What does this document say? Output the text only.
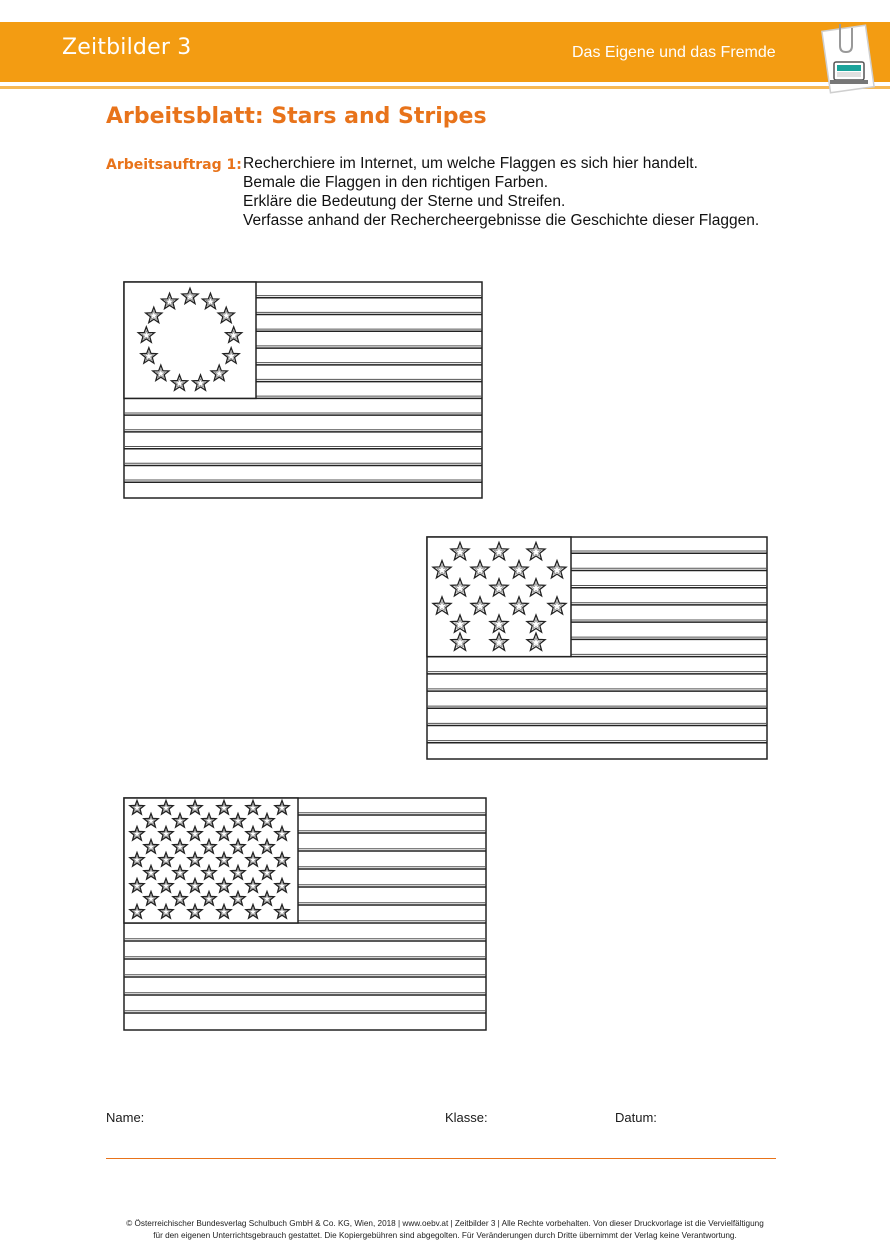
Zeitbilder 3	Das Eigene und das Fremde
Arbeitsblatt: Stars and Stripes
Arbeitsauftrag 1: Recherchiere im Internet, um welche Flaggen es sich hier handelt.
Bemale die Flaggen in den richtigen Farben.
Erkläre die Bedeutung der Sterne und Streifen.
Verfasse anhand der Rechercheergebnisse die Geschichte dieser Flaggen.
Name:	Klasse:	Datum:
© Österreichischer Bundesverlag Schulbuch GmbH & Co. KG, Wien, 2018 | www.oebv.at | Zeitbilder 3 | Alle Rechte vorbehalten. Von dieser Druckvorlage ist die Vervielfältigung
für den eigenen Unterrichtsgebrauch gestattet. Die Kopiergebühren sind abgegolten. Für Veränderungen durch Dritte übernimmt der Verlag keine Verantwortung.
